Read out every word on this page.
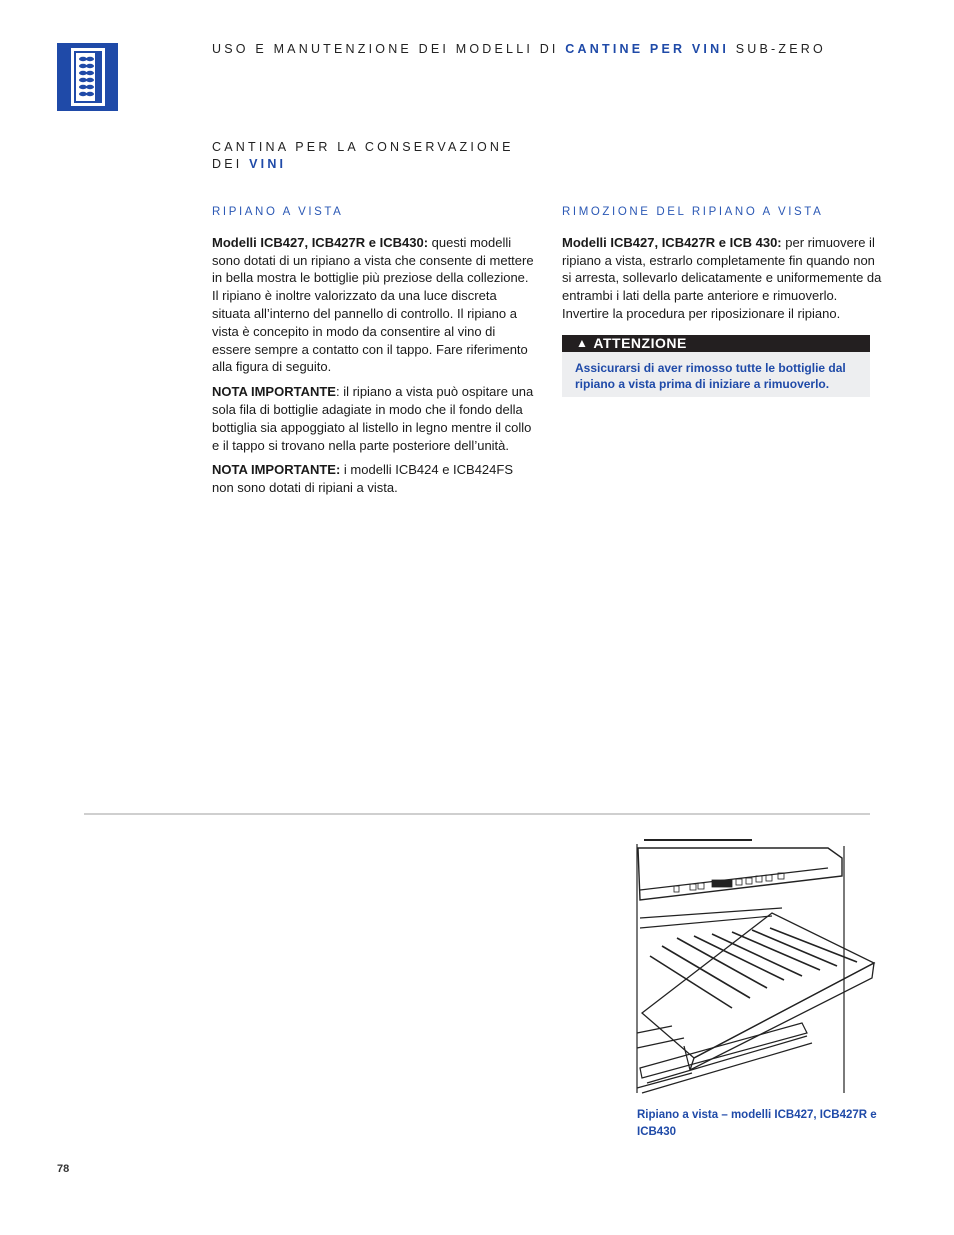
USO E MANUTENZIONE DEI MODELLI DI CANTINE PER VINI SUB-ZERO
CANTINA PER LA CONSERVAZIONE
DEI VINI
RIPIANO A VISTA

Modelli ICB427, ICB427R e ICB430: questi modelli sono dotati di un ripiano a vista che consente di mettere in bella mostra le bottiglie più preziose della collezione. Il ripiano è inoltre valorizzato da una luce discreta situata all’interno del pannello di controllo. Il ripiano a vista è concepito in modo da consentire al vino di essere sempre a contatto con il tappo. Fare riferimento alla figura di seguito.

NOTA IMPORTANTE: il ripiano a vista può ospitare una sola fila di bottiglie adagiate in modo che il fondo della bottiglia sia appoggiato al listello in legno mentre il collo e il tappo si trovano nella parte posteriore dell’unità.

NOTA IMPORTANTE: i modelli ICB424 e ICB424FS non sono dotati di ripiani a vista.

RIMOZIONE DEL RIPIANO A VISTA

Modelli ICB427, ICB427R e ICB 430: per rimuovere il ripiano a vista, estrarlo completamente fin quando non si arresta, sollevarlo delicatamente e uniformemente da entrambi i lati della parte anteriore e rimuoverlo. Invertire la procedura per riposizionare il ripiano.

▲ ATTENZIONE
Assicurarsi di aver rimosso tutte le bottiglie dal ripiano a vista prima di iniziare a rimuoverlo.
Ripiano a vista – modelli ICB427, ICB427R e ICB430
78
